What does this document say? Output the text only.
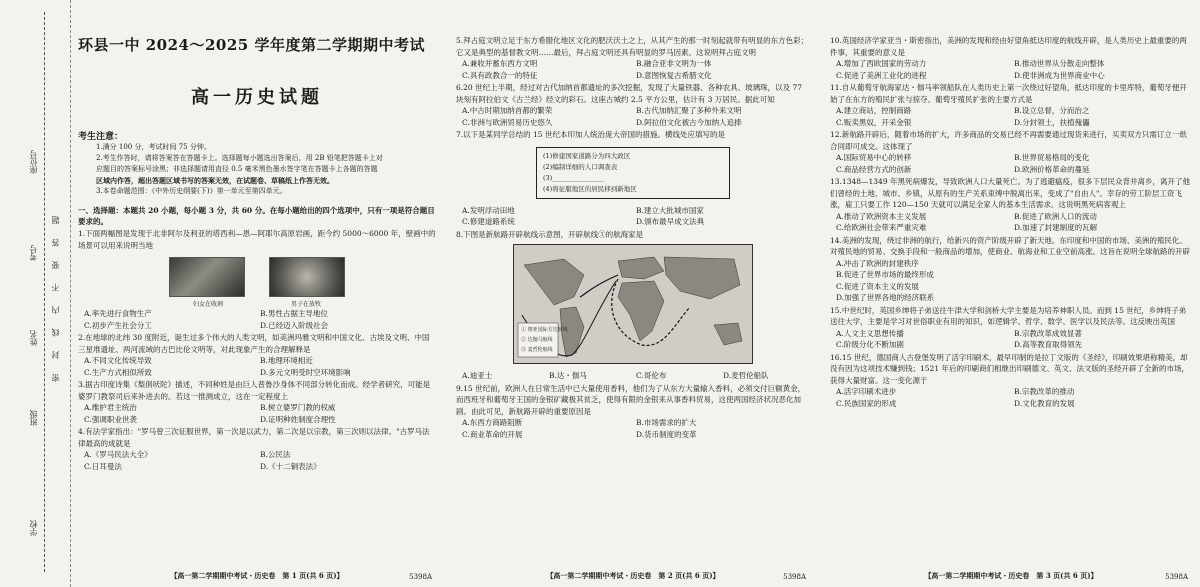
座位号
考号
姓名
班级
学校
密 封 线 内 不 要 答 题
环县一中 2024～2025 学年度第二学期期中考试
高一历史试题
考生注意：
1.满分 100 分，考试时间 75 分钟。
2.考生作答时，请将答案答在答题卡上。选择题每小题选出答案后，用 2B 铅笔把答题卡上对
应题目的答案标号涂黑；非选择题请用直径 0.5 毫米黑色墨水签字笔在答题卡上各题的答题
区域内作答，超出答题区域书写的答案无效，在试题卷、草稿纸上作答无效。
3.本卷命题范围：《中外历史纲要(下)》第一单元至第四单元。
一、选择题：本题共 20 小题，每小题 3 分，共 60 分。在每小题给出的四个选项中，只有一项是符合题目要求的。
1.下面两幅图是发现于北非阿尔及利亚的塔西利—恩—阿耶尔高原岩画，距今约 5000～6000 年，壁画中的场景可以用来说明当地
妇女在收割	男子在放牧
A.率先进行食物生产	B.男性占据主导地位
C.初步产生社会分工	D.已经迈入阶级社会
2.在地球的北纬 30 度附近，诞生过多个伟大的人类文明，如美洲玛雅文明和中国文化、古埃及文明、中国三星堆遗址、两河流域的古巴比伦文明等，对此现象产生的合理解释是
A.不同文化传统导致	B.地理环境相近
C.生产方式相似所致	D.多元文明受时空环境影响
3.据古印度诗集《梨俱吠陀》描述，不同种姓是由巨人普鲁沙身体不同部分转化而成。经学者研究，可能是婆罗门教祭司后来补进去的。若这一推测成立，这在一定程度上
A.维护君主统治	B.树立婆罗门教的权威
C.强调职业世袭	D.证明种姓制度合理性
4.有法学家指出："罗马曾三次征服世界，第一次是以武力，第二次是以宗教，第三次则以法律。"古罗马法律最高的成就是
A.《罗马民法大全》	B.公民法
C.日耳曼法	D.《十二铜表法》
【高一第二学期期中考试・历史卷　第 1 页(共 6 页)】	5398A
5.拜占庭文明立足于东方希腊化地区文化的肥沃沃土之上，从其产生的那一时刻起就带有明显的东方色彩；它又是典型的基督教文明……最后，拜占庭文明还具有明显的罗马因素。这说明拜占庭文明
A.兼收并蓄东西方文明	B.融合亚非文明为一体
C.具有政教合一的特征	D.意图恢复古希腊文化
6.20 世纪上半期，经过对古代加纳首都遗址的多次挖掘，发现了大量铁器、各种农具、玻璃珠，以及 77 块刻有阿拉伯文《古兰经》经文的彩石。这座古城约 2.5 平方公里，估计有 3 万居民。据此可知
A.中古时期加纳首都的繁荣	B.古代加纳汇聚了多种外来文明
C.非洲与欧洲贸易历史悠久	D.阿拉伯文化被古今加纳人追捧
7.以下是某同学总结的 15 世纪本印加人统治庞大帝国的措施。横线处应填写的是
(1)修建国家道路分为四大政区
(2)编制详细的人口调查表
(3)________________
(4)将征服地区的居民移到新地区
A.发明浮动田地	B.建立大批城市国家
C.修建道路系统	D.颁布最早成文法典
8.下图是新航路开辟航线示意图，开辟航线③的航海家是
① 将亚国际方达航线
② 达伽马航线
③ 麦哲伦航线
A.迪亚士	B.达・伽马	C.哥伦布	D.麦哲伦船队
9.15 世纪前，欧洲人在日常生活中已大量使用香料，他们为了从东方大量输入香料，必须交付巨额黄金，而西班牙和葡萄牙王国的金银矿藏极其贫乏，使得有限的金银来从事香料贸易，这使两国经济状况恶化加剧。由此可见，新航路开辟的重要原因是
A.东西方商路阻断	B.市场需求的扩大
C.商业革命的开展	D.货币制度的变革
【高一第二学期期中考试・历史卷　第 2 页(共 6 页)】	5398A
10.英国经济学家亚当・斯密指出，美洲的发现和经由好望角抵达印度的航线开辟，是人类历史上最重要的两件事，其重要的意义是
A.增加了西欧国家的劳动力	B.推动世界从分散走向整体
C.促进了美洲工业化的进程	D.使非洲成为世界商业中心
11.自从葡萄牙航海家达・伽马率领船队在人类历史上第一次绕过好望角，抵达印度的卡里库特，葡萄牙便开始了在东方的殖民扩张与掠夺。葡萄牙殖民扩张的主要方式是
A.建立商站，控制商路	B.设立总督，分而治之
C.贩卖黑奴，开采金银	D.分封领土，扶植傀儡
12.新航路开辟后，随着市场的扩大，许多商品的交易已经不再需要通过现货来进行，买卖双方只需订立一纸合同即可成交。这体现了
A.国际贸易中心的转移	B.世界贸易格局的变化
C.商品经营方式的创新	D.欧洲价格革命的蔓延
13.1348—1349 年黑死病爆发，导致欧洲人口大量死亡。为了逃避瘟疫，很多下层民众背井离乡，离开了他们曾经的土地、城市、乡镇，从原有的生产关系束缚中脱离出来，变成了"自由人"。幸存的劳工阶层工资飞涨，雇工只要工作 120—150 天就可以满足全家人的基本生活需求。这说明黑死病客观上
A.推动了欧洲资本主义发展	B.促进了欧洲人口的流动
C.给欧洲社会带来严重灾难	D.加速了封建制度的瓦解
14.美洲的发现，绕过非洲的航行，给新兴的资产阶级开辟了新天地。东印度和中国的市场、美洲的殖民化、对殖民地的贸易、交换手段和一般商品的增加，使商业、航海业和工业空前高涨。这旨在说明全球航路的开辟
A.冲击了欧洲的封建秩序
B.促进了世界市场的最终形成
C.促进了资本主义的发展
D.加强了世界各地的经济联系
15.中世纪时，英国乡绅将子弟送往牛津大学和剑桥大学主要是为培养神职人员。而到 15 世纪，乡绅将子弟送往大学，主要是学习对世俗职业有用的知识，如逻辑学、哲学、数学、医学以及民法等。这反映出英国
A.人文主义思想传播	B.宗教改革成效显著
C.阶级分化不断加剧	D.高等教育取得领先
16.15 世纪，德国商人古登堡发明了活字印刷术，最早印制的是拉丁文版的《圣经》，印刷效果堪称精美，却没有因为这项技术赚到钱；1521 年后的印刷商们相继出印刷德文、英文、法文版的圣经开辟了全新的市场，获得大量财富。这一变化源于
A.活字印刷术进步	B.宗教改革的推动
C.民族国家的形成	D.文化教育的发展
【高一第二学期期中考试・历史卷　第 3 页(共 6 页)】	5398A
